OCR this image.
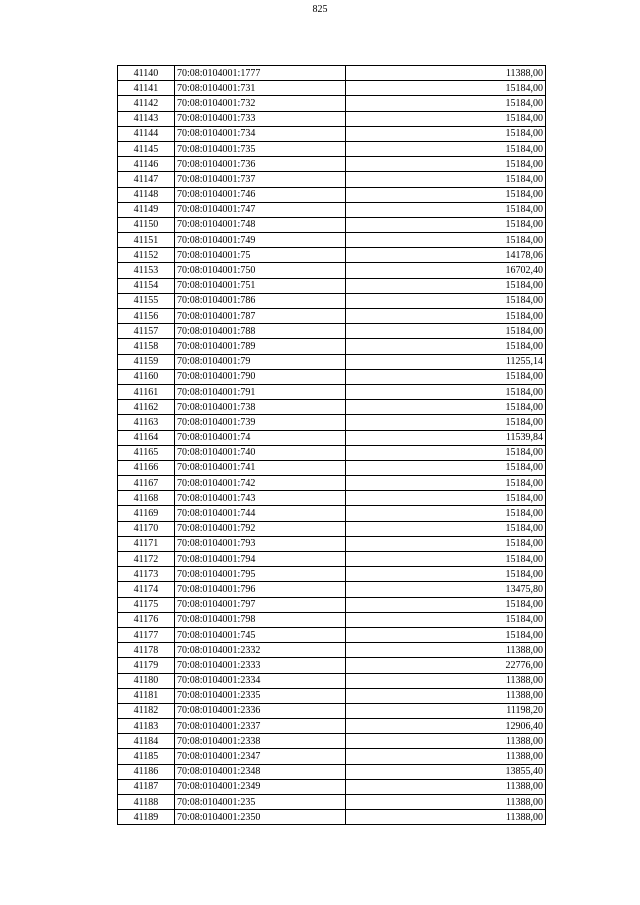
825
41140	70:08:0104001:1777	11388,00
41141	70:08:0104001:731	15184,00
41142	70:08:0104001:732	15184,00
41143	70:08:0104001:733	15184,00
41144	70:08:0104001:734	15184,00
41145	70:08:0104001:735	15184,00
41146	70:08:0104001:736	15184,00
41147	70:08:0104001:737	15184,00
41148	70:08:0104001:746	15184,00
41149	70:08:0104001:747	15184,00
41150	70:08:0104001:748	15184,00
41151	70:08:0104001:749	15184,00
41152	70:08:0104001:75	14178,06
41153	70:08:0104001:750	16702,40
41154	70:08:0104001:751	15184,00
41155	70:08:0104001:786	15184,00
41156	70:08:0104001:787	15184,00
41157	70:08:0104001:788	15184,00
41158	70:08:0104001:789	15184,00
41159	70:08:0104001:79	11255,14
41160	70:08:0104001:790	15184,00
41161	70:08:0104001:791	15184,00
41162	70:08:0104001:738	15184,00
41163	70:08:0104001:739	15184,00
41164	70:08:0104001:74	11539,84
41165	70:08:0104001:740	15184,00
41166	70:08:0104001:741	15184,00
41167	70:08:0104001:742	15184,00
41168	70:08:0104001:743	15184,00
41169	70:08:0104001:744	15184,00
41170	70:08:0104001:792	15184,00
41171	70:08:0104001:793	15184,00
41172	70:08:0104001:794	15184,00
41173	70:08:0104001:795	15184,00
41174	70:08:0104001:796	13475,80
41175	70:08:0104001:797	15184,00
41176	70:08:0104001:798	15184,00
41177	70:08:0104001:745	15184,00
41178	70:08:0104001:2332	11388,00
41179	70:08:0104001:2333	22776,00
41180	70:08:0104001:2334	11388,00
41181	70:08:0104001:2335	11388,00
41182	70:08:0104001:2336	11198,20
41183	70:08:0104001:2337	12906,40
41184	70:08:0104001:2338	11388,00
41185	70:08:0104001:2347	11388,00
41186	70:08:0104001:2348	13855,40
41187	70:08:0104001:2349	11388,00
41188	70:08:0104001:235	11388,00
41189	70:08:0104001:2350	11388,00
